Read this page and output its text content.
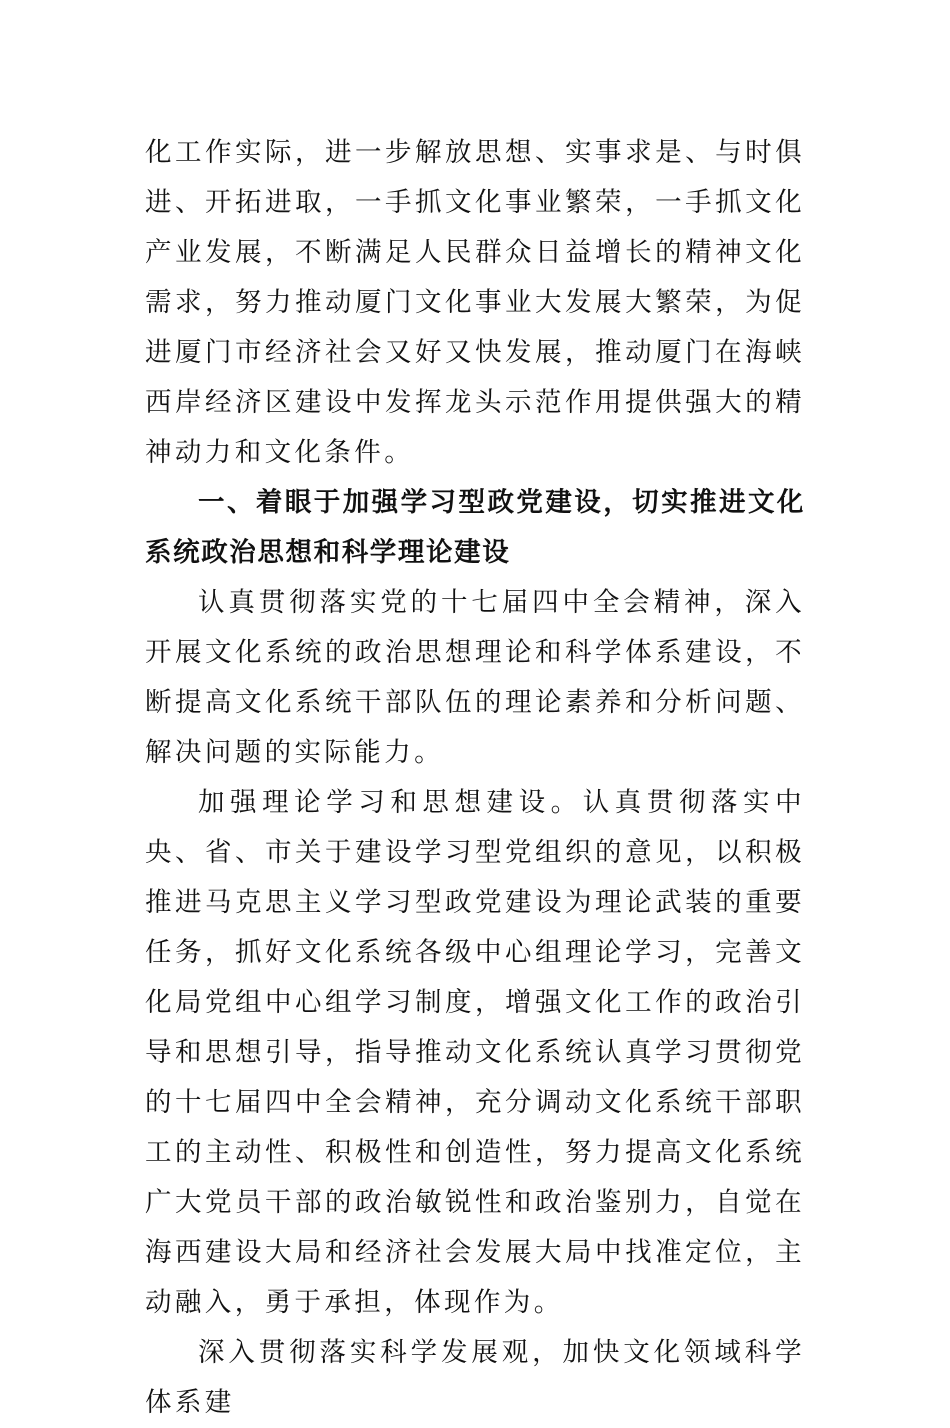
化工作实际，进一步解放思想、实事求是、与时俱进、开拓进取，一手抓文化事业繁荣，一手抓文化产业发展，不断满足人民群众日益增长的精神文化需求，努力推动厦门文化事业大发展大繁荣，为促进厦门市经济社会又好又快发展，推动厦门在海峡西岸经济区建设中发挥龙头示范作用提供强大的精神动力和文化条件。

一、着眼于加强学习型政党建设，切实推进文化系统政治思想和科学理论建设

认真贯彻落实党的十七届四中全会精神，深入开展文化系统的政治思想理论和科学体系建设，不断提高文化系统干部队伍的理论素养和分析问题、解决问题的实际能力。

加强理论学习和思想建设。认真贯彻落实中央、省、市关于建设学习型党组织的意见，以积极推进马克思主义学习型政党建设为理论武装的重要任务，抓好文化系统各级中心组理论学习，完善文化局党组中心组学习制度，增强文化工作的政治引导和思想引导，指导推动文化系统认真学习贯彻党的十七届四中全会精神，充分调动文化系统干部职工的主动性、积极性和创造性，努力提高文化系统广大党员干部的政治敏锐性和政治鉴别力，自觉在海西建设大局和经济社会发展大局中找准定位，主动融入，勇于承担，体现作为。

深入贯彻落实科学发展观，加快文化领域科学体系建
